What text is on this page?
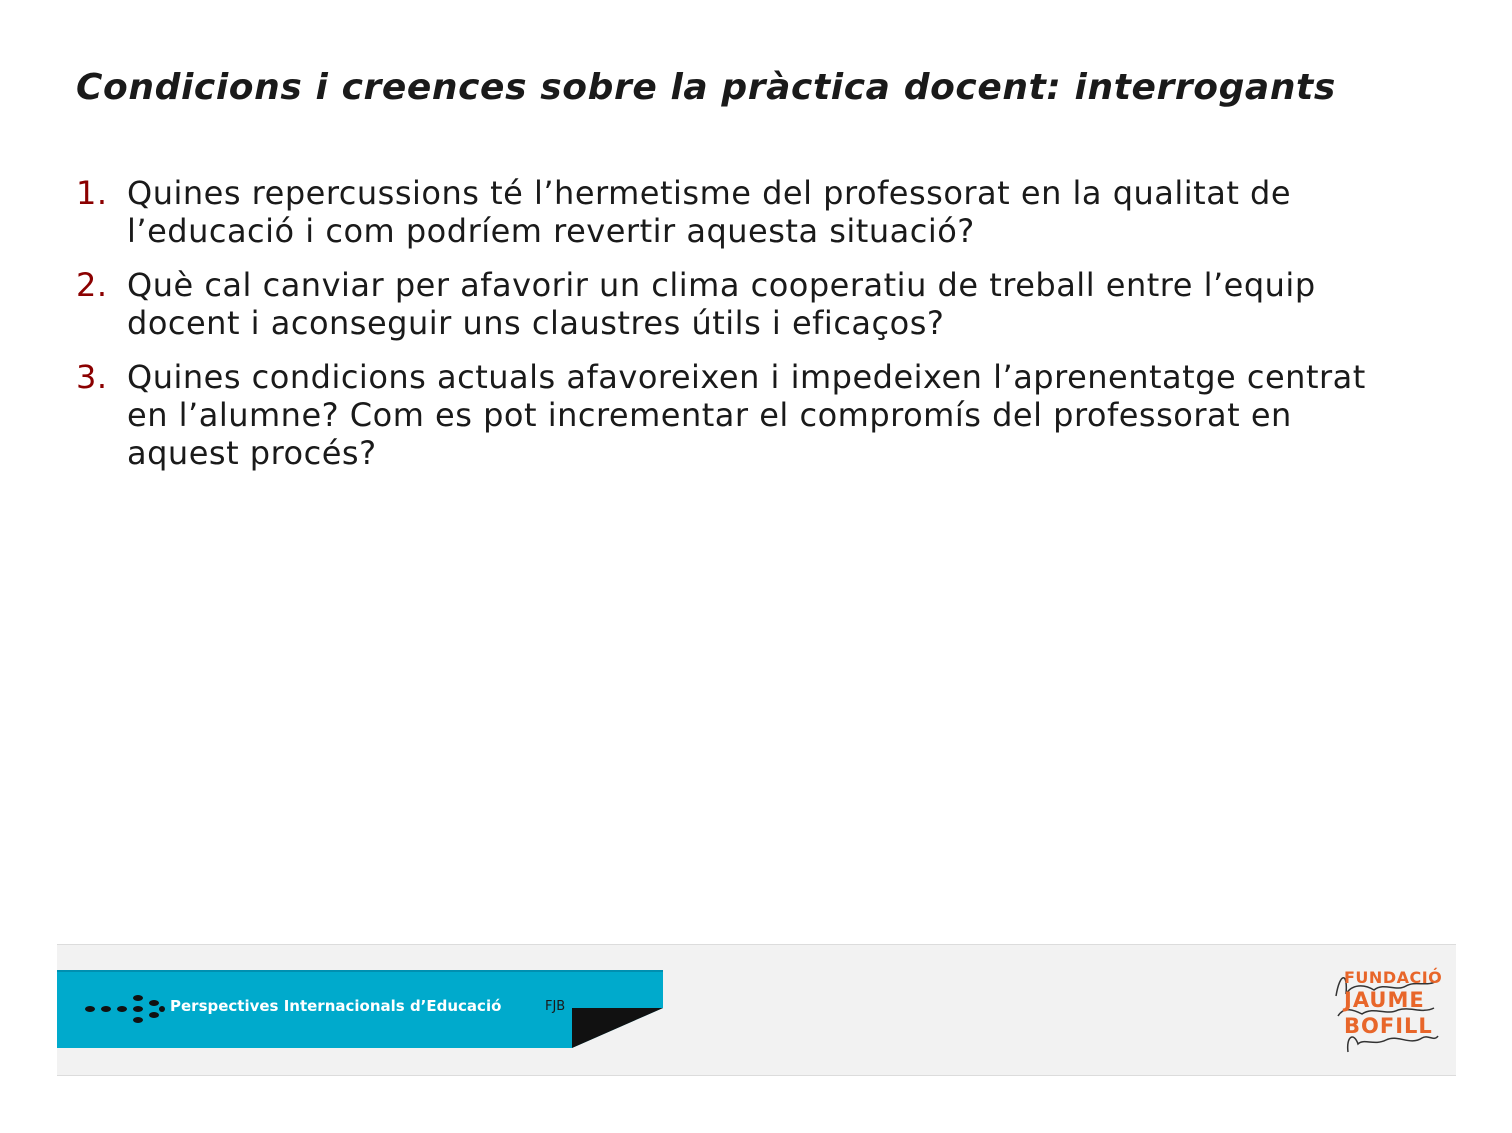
Condicions i creences sobre la pràctica docent: interrogants
1. Quines repercussions té l’hermetisme del professorat en la qualitat de l’educació i com podríem revertir aquesta situació?
2. Què cal canviar per afavorir un clima cooperatiu de treball entre l’equip docent i aconseguir uns claustres útils i eficaços?
3. Quines condicions actuals afavoreixen i impedeixen l’aprenentatge centrat en l’alumne? Com es pot incrementar el compromís del professorat en aquest procés?
Perspectives Internacionals d’Educació	FJB
FUNDACIÓ
JAUME
BOFILL
